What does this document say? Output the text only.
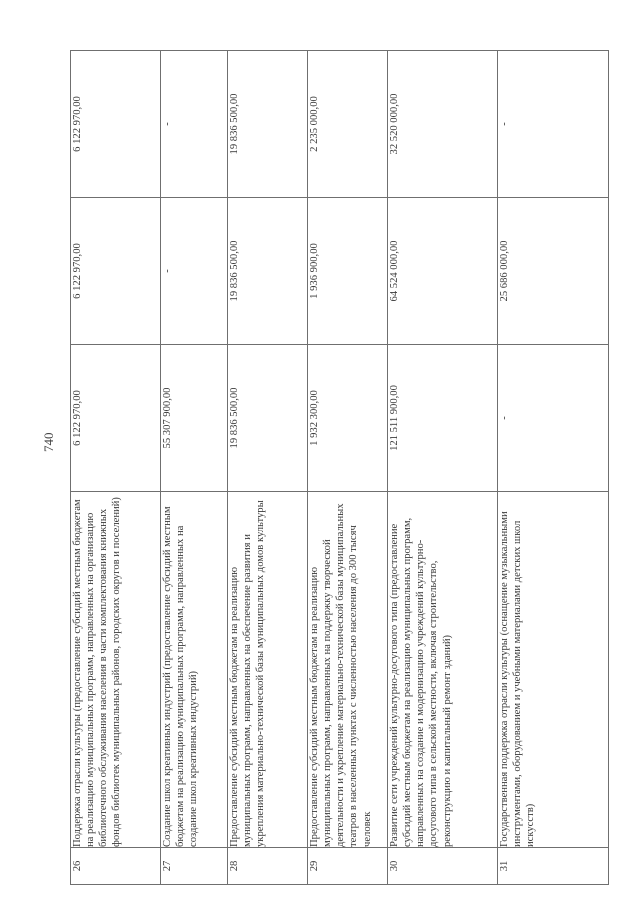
740
26	Поддержка отрасли культуры (предоставление субсидий местным бюджетам на реализацию муниципальных программ, направленных на организацию библиотечного обслуживания населения в части комплектования книжных фондов библиотек муниципальных районов, городских округов и поселений)	6 122 970,00	6 122 970,00	6 122 970,00
27	Создание школ креативных индустрий (предоставление субсидий местным бюджетам на реализацию муниципальных программ, направленных на создание школ креативных индустрий)	55 307 900,00	-	-
28	Предоставление субсидий местным бюджетам на реализацию муниципальных программ, направленных на обеспечение развития и укрепления материально-технической базы муниципальных домов культуры	19 836 500,00	19 836 500,00	19 836 500,00
29	Предоставление субсидий местным бюджетам на реализацию муниципальных программ, направленных на поддержку творческой деятельности и укрепление материально-технической базы муниципальных театров в населенных пунктах с численностью населения до 300 тысяч человек	1 932 300,00	1 936 900,00	2 235 000,00
30	Развитие сети учреждений культурно-досугового типа (предоставление субсидий местным бюджетам на реализацию муниципальных программ, направленных на создание и модернизацию учреждений культурно-досугового типа в сельской местности, включая строительство, реконструкцию и капитальный ремонт зданий)	121 511 900,00	64 524 000,00	32 520 000,00
31	Государственная поддержка отрасли культуры (оснащение музыкальными инструментами, оборудованием и учебными материалами детских школ искусств)	-	25 686 000,00	-
